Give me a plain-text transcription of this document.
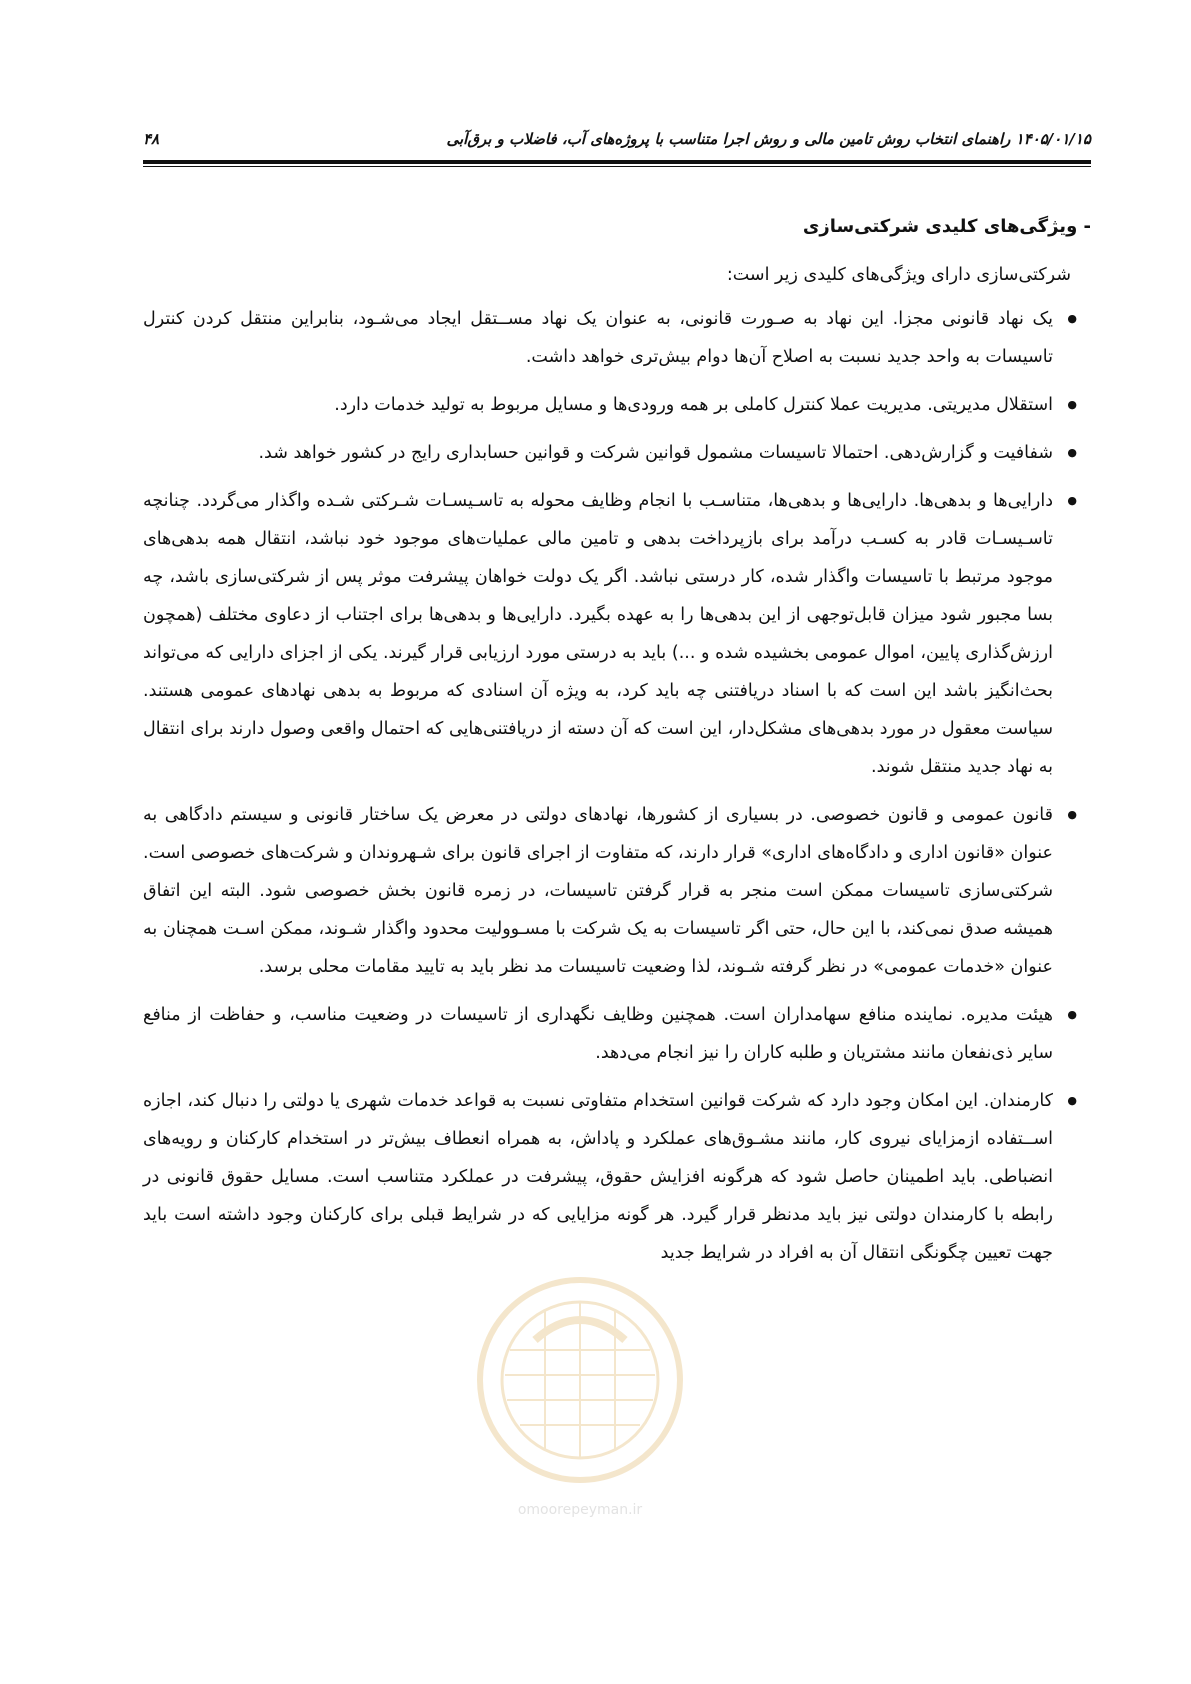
۱۴۰۵/۰۱/۱۵ راهنمای انتخاب روش تامین مالی و روش اجرا متناسب با پروژه‌های آب، فاضلاب و برق‌آبی
۴۸
- ویژگی‌های کلیدی شرکتی‌سازی

شرکتی‌سازی دارای ویژگی‌های کلیدی زیر است:

● یک نهاد قانونی مجزا. این نهاد به صـورت قانونی، به عنوان یک نهاد مســتقل ایجاد می‌شـود، بنابراین منتقل کردن کنترل تاسیسات به واحد جدید نسبت به اصلاح آن‌ها دوام بیش‌تری خواهد داشت.
● استقلال مدیریتی. مدیریت عملا کنترل کاملی بر همه ورودی‌ها و مسایل مربوط به تولید خدمات دارد.
● شفافیت و گزارش‌دهی. احتمالا تاسیسات مشمول قوانین شرکت و قوانین حسابداری رایج در کشور خواهد شد.
● دارایی‌ها و بدهی‌ها. دارایی‌ها و بدهی‌ها، متناسـب با انجام وظایف محوله به تاسـیسـات شـرکتی شـده واگذار می‌گردد. چنانچه تاسـیسـات قادر به کسـب درآمد برای بازپرداخت بدهی و تامین مالی عملیات‌های موجود خود نباشد، انتقال همه بدهی‌های موجود مرتبط با تاسیسات واگذار شده، کار درستی نباشد. اگر یک دولت خواهان پیشرفت موثر پس از شرکتی‌سازی باشد، چه بسا مجبور شود میزان قابل‌توجهی از این بدهی‌ها را به عهده بگیرد. دارایی‌ها و بدهی‌ها برای اجتناب از دعاوی مختلف (همچون ارزش‌گذاری پایین، اموال عمومی بخشیده شده و ...) باید به درستی مورد ارزیابی قرار گیرند. یکی از اجزای دارایی که می‌تواند بحث‌انگیز باشد این است که با اسناد دریافتنی چه باید کرد، به ویژه آن اسنادی که مربوط به بدهی نهادهای عمومی هستند. سیاست معقول در مورد بدهی‌های مشکل‌دار، این است که آن دسته از دریافتنی‌هایی که احتمال واقعی وصول دارند برای انتقال به نهاد جدید منتقل شوند.
● قانون عمومی و قانون خصوصی. در بسیاری از کشورها، نهادهای دولتی در معرض یک ساختار قانونی و سیستم دادگاهی به عنوان «قانون اداری و دادگاه‌های اداری» قرار دارند، که متفاوت از اجرای قانون برای شـهروندان و شرکت‌های خصوصی است. شرکتی‌سازی تاسیسات ممکن است منجر به قرار گرفتن تاسیسات، در زمره قانون بخش خصوصی شود. البته این اتفاق همیشه صدق نمی‌کند، با این حال، حتی اگر تاسیسات به یک شرکت با مسـوولیت محدود واگذار شـوند، ممکن اسـت همچنان به عنوان «خدمات عمومی» در نظر گرفته شـوند، لذا وضعیت تاسیسات مد نظر باید به تایید مقامات محلی برسد.
● هیئت مدیره. نماینده منافع سهامداران است. همچنین وظایف نگهداری از تاسیسات در وضعیت مناسب، و حفاظت از منافع سایر ذی‌نفعان مانند مشتریان و طلبه کاران را نیز انجام می‌دهد.
● کارمندان. این امکان وجود دارد که شرکت قوانین استخدام متفاوتی نسبت به قواعد خدمات شهری یا دولتی را دنبال کند، اجازه اســتفاده ازمزایای نیروی کار، مانند مشـوق‌های عملکرد و پاداش، به همراه انعطاف بیش‌تر در استخدام کارکنان و رویه‌های انضباطی. باید اطمینان حاصل شود که هرگونه افزایش حقوق، پیشرفت در عملکرد متناسب است. مسایل حقوق قانونی در رابطه با کارمندان دولتی نیز باید مدنظر قرار گیرد. هر گونه مزایایی که در شرایط قبلی برای کارکنان وجود داشته است باید جهت تعیین چگونگی انتقال آن به افراد در شرایط جدید
omoorepeyman.ir
